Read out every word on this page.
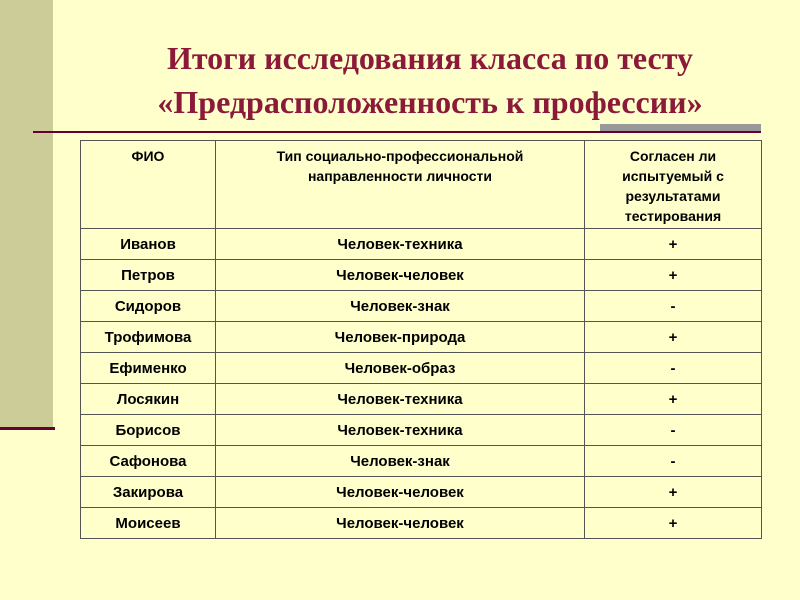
Итоги исследования класса по тесту
«Предрасположенность к профессии»
ФИО	Тип социально-профессиональной направленности личности	Согласен ли испытуемый с результатами тестирования
Иванов	Человек-техника	+
Петров	Человек-человек	+
Сидоров	Человек-знак	-
Трофимова	Человек-природа	+
Ефименко	Человек-образ	-
Лосякин	Человек-техника	+
Борисов	Человек-техника	-
Сафонова	Человек-знак	-
Закирова	Человек-человек	+
Моисеев	Человек-человек	+
